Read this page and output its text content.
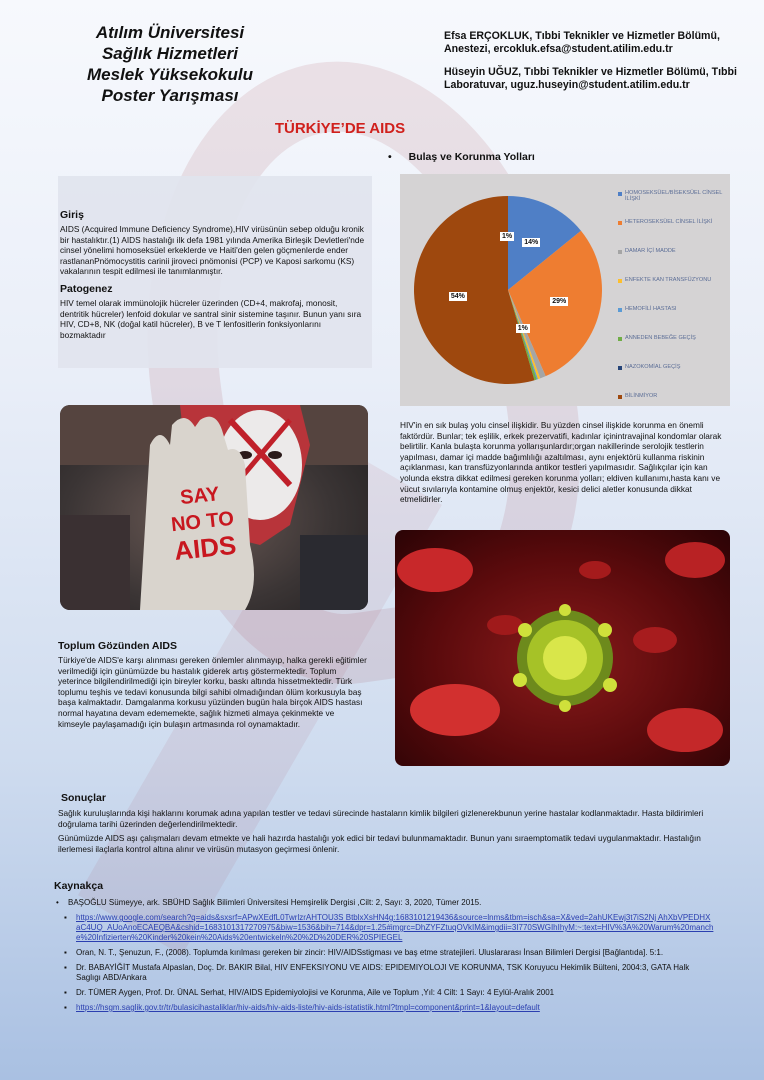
Atılım Üniversitesi
Sağlık Hizmetleri
Meslek Yüksekokulu
Poster Yarışması

Efsa ERÇOKLUK, Tıbbi Teknikler ve Hizmetler Bölümü, Anestezi, ercokluk.efsa@student.atilim.edu.tr

Hüseyin UĞUZ, Tıbbi Teknikler ve Hizmetler Bölümü, Tıbbi Laboratuvar, uguz.huseyin@student.atilim.edu.tr

TÜRKİYE’DE AIDS
• Bulaş ve Korunma Yolları
Giriş

AIDS (Acquired Immune Deficiency Syndrome),HIV virüsünün sebep olduğu kronik bir hastalıktır.(1) AIDS hastalığı ilk defa 1981 yılında Amerika Birleşik Devletleri'nde cinsel yönelimi homoseksüel erkeklerde ve Haiti'den gelen göçmenlerde ender rastlananPnömocystitis carinii jiroveci pnömonisi (PCP) ve Kaposi sarkomu (KS) vakalarının tespit edilmesi ile tanımlanmıştır.

Patogenez

HIV temel olarak immünolojik hücreler üzerinden (CD+4, makrofaj, monosit, dentritik hücreler) lenfoid dokular ve santral sinir sistemine taşınır. Bunun yanı sıra HIV, CD+8, NK (doğal katil hücreler), B ve T lenfositlerin fonksiyonlarını bozmaktadır

HOMOSEKSÜEL/BİSEKSÜEL CİNSEL İLİŞKİ
HETEROSEKSÜEL CİNSEL İLİŞKİ
DAMAR İÇİ MADDE
ENFEKTE KAN TRANSFÜZYONU
HEMOFİLİ HASTASI
ANNEDEN BEBEĞE GEÇİŞ
NAZOKOMİAL GEÇİŞ
BİLİNMİYOR
14%
29%
1%
54%
1%

HIV'in en sık bulaş yolu cinsel ilişkidir. Bu yüzden cinsel ilişkide korunma en önemli faktördür. Bunlar; tek eşlilik, erkek prezervatifi, kadınlar içinintravajinal kondomlar olarak belirtilir. Kanla bulaşta korunma yollarışunlardır;organ nakillerinde serolojik testlerin yapılması, damar içi madde bağımlılığı azaltılması, aynı enjektörü kullanma riskinin açıklanması, kan transfüzyonlarında antikor testleri yapılmasıdır. Sağlıkçılar için kan yolunda ekstra dikkat edilmesi gereken korunma yolları; eldiven kullanımı,hasta kanı ve vücut sıvılarıyla kontamine olmuş enjektör, kesici delici aletler konusunda dikkat etmelidirler.

SAY
NO TO
AIDS
Toplum Gözünden AIDS

Türkiye'de AIDS'e karşı alınması gereken önlemler alınmayıp, halka gerekli eğitimler verilmediği için günümüzde bu hastalık giderek artış göstermektedir. Toplum yeterince bilgilendirilmediği için bireyler korku, baskı altında hissetmektedir. Türk toplumu teşhis ve tedavi konusunda bilgi sahibi olmadığından ölüm korkusuyla baş başa kalmaktadır. Damgalanma korkusu yüzünden bugün hala birçok AIDS hastası normal hayatına devam edememekte, sağlık hizmeti almaya çekinmekte ve kimseyle paylaşamadığı için bulaşın artmasında rol oynamaktadır.

Sonuçlar

Sağlık kuruluşlarında kişi haklarını korumak adına yapılan testler ve tedavi sürecinde hastaların kimlik bilgileri gizlenerekbunun yerine hastalar kodlanmaktadır. Hasta bildirimleri doğrulama tarihi üzerinden değerlendirilmektedir.

Günümüzde AIDS aşı çalışmaları devam etmekte ve hali hazırda hastalığı yok edici bir tedavi bulunmamaktadır. Bunun yanı sıraemptomatik tedavi uygulanmaktadır. Hastalığın ilerlemesi ilaçlarla kontrol altına alınır ve virüsün mutasyon geçirmesi önlenir.

Kaynakça
• BAŞOĞLU Sümeyye, ark. SBÜHD Sağlık Bilimleri Üniversitesi Hemşirelik Dergisi ,Cilt: 2, Sayı: 3, 2020, Tümer 2015.
▪ https://www.google.com/search?q=aids&sxsrf=APwXEdfL0TwrlzrAHTOU3S BtblxXsHN4g:1683101219436&source=lnms&tbm=isch&sa=X&ved=2ahUKEwj3t7iS2Nj AhXbVPEDHXaC4UQ_AUoAnoECAEQBA&cshid=1683101317270975&biw=1536&bih=714&dpr=1.25#imgrc=DhZYFZtuqOVkIM&imgdii=3I770SWGIhIhyM:~:text=HIV%3A%20Warum%20manche%20Infizierten%20Kinder%20kein%20Aids%20entwickeln%20%2D%20DER%20SPIEGEL
▪ Oran, N. T., Şenuzun, F., (2008). Toplumda kırılması gereken bir zincir: HIV/AIDSstigması ve baş etme stratejileri. Uluslararası İnsan Bilimleri Dergisi [Bağlantıda]. 5:1.
▪ Dr. BABAYİĞİT Mustafa Alpaslan, Doç. Dr. BAKIR Bilal, HIV ENFEKSIYONU VE AIDS: EPIDEMIYOLOJI VE KORUNMA, TSK Koruyucu Hekimlik Bülteni, 2004:3, GATA Halk Saglıgı ABD/Ankara
▪ Dr. TÜMER Aygen, Prof. Dr. ÜNAL Serhat, HIV/AIDS Epidemiyolojisi ve Korunma, Aile ve Toplum ,Yıl: 4 Cilt: 1 Sayı: 4 Eylül-Aralık 2001
▪ https://hsgm.saglik.gov.tr/tr/bulasicihastaliklar/hiv-aids/hiv-aids-liste/hiv-aids-istatistik.html?tmpl=component&print=1&layout=default
